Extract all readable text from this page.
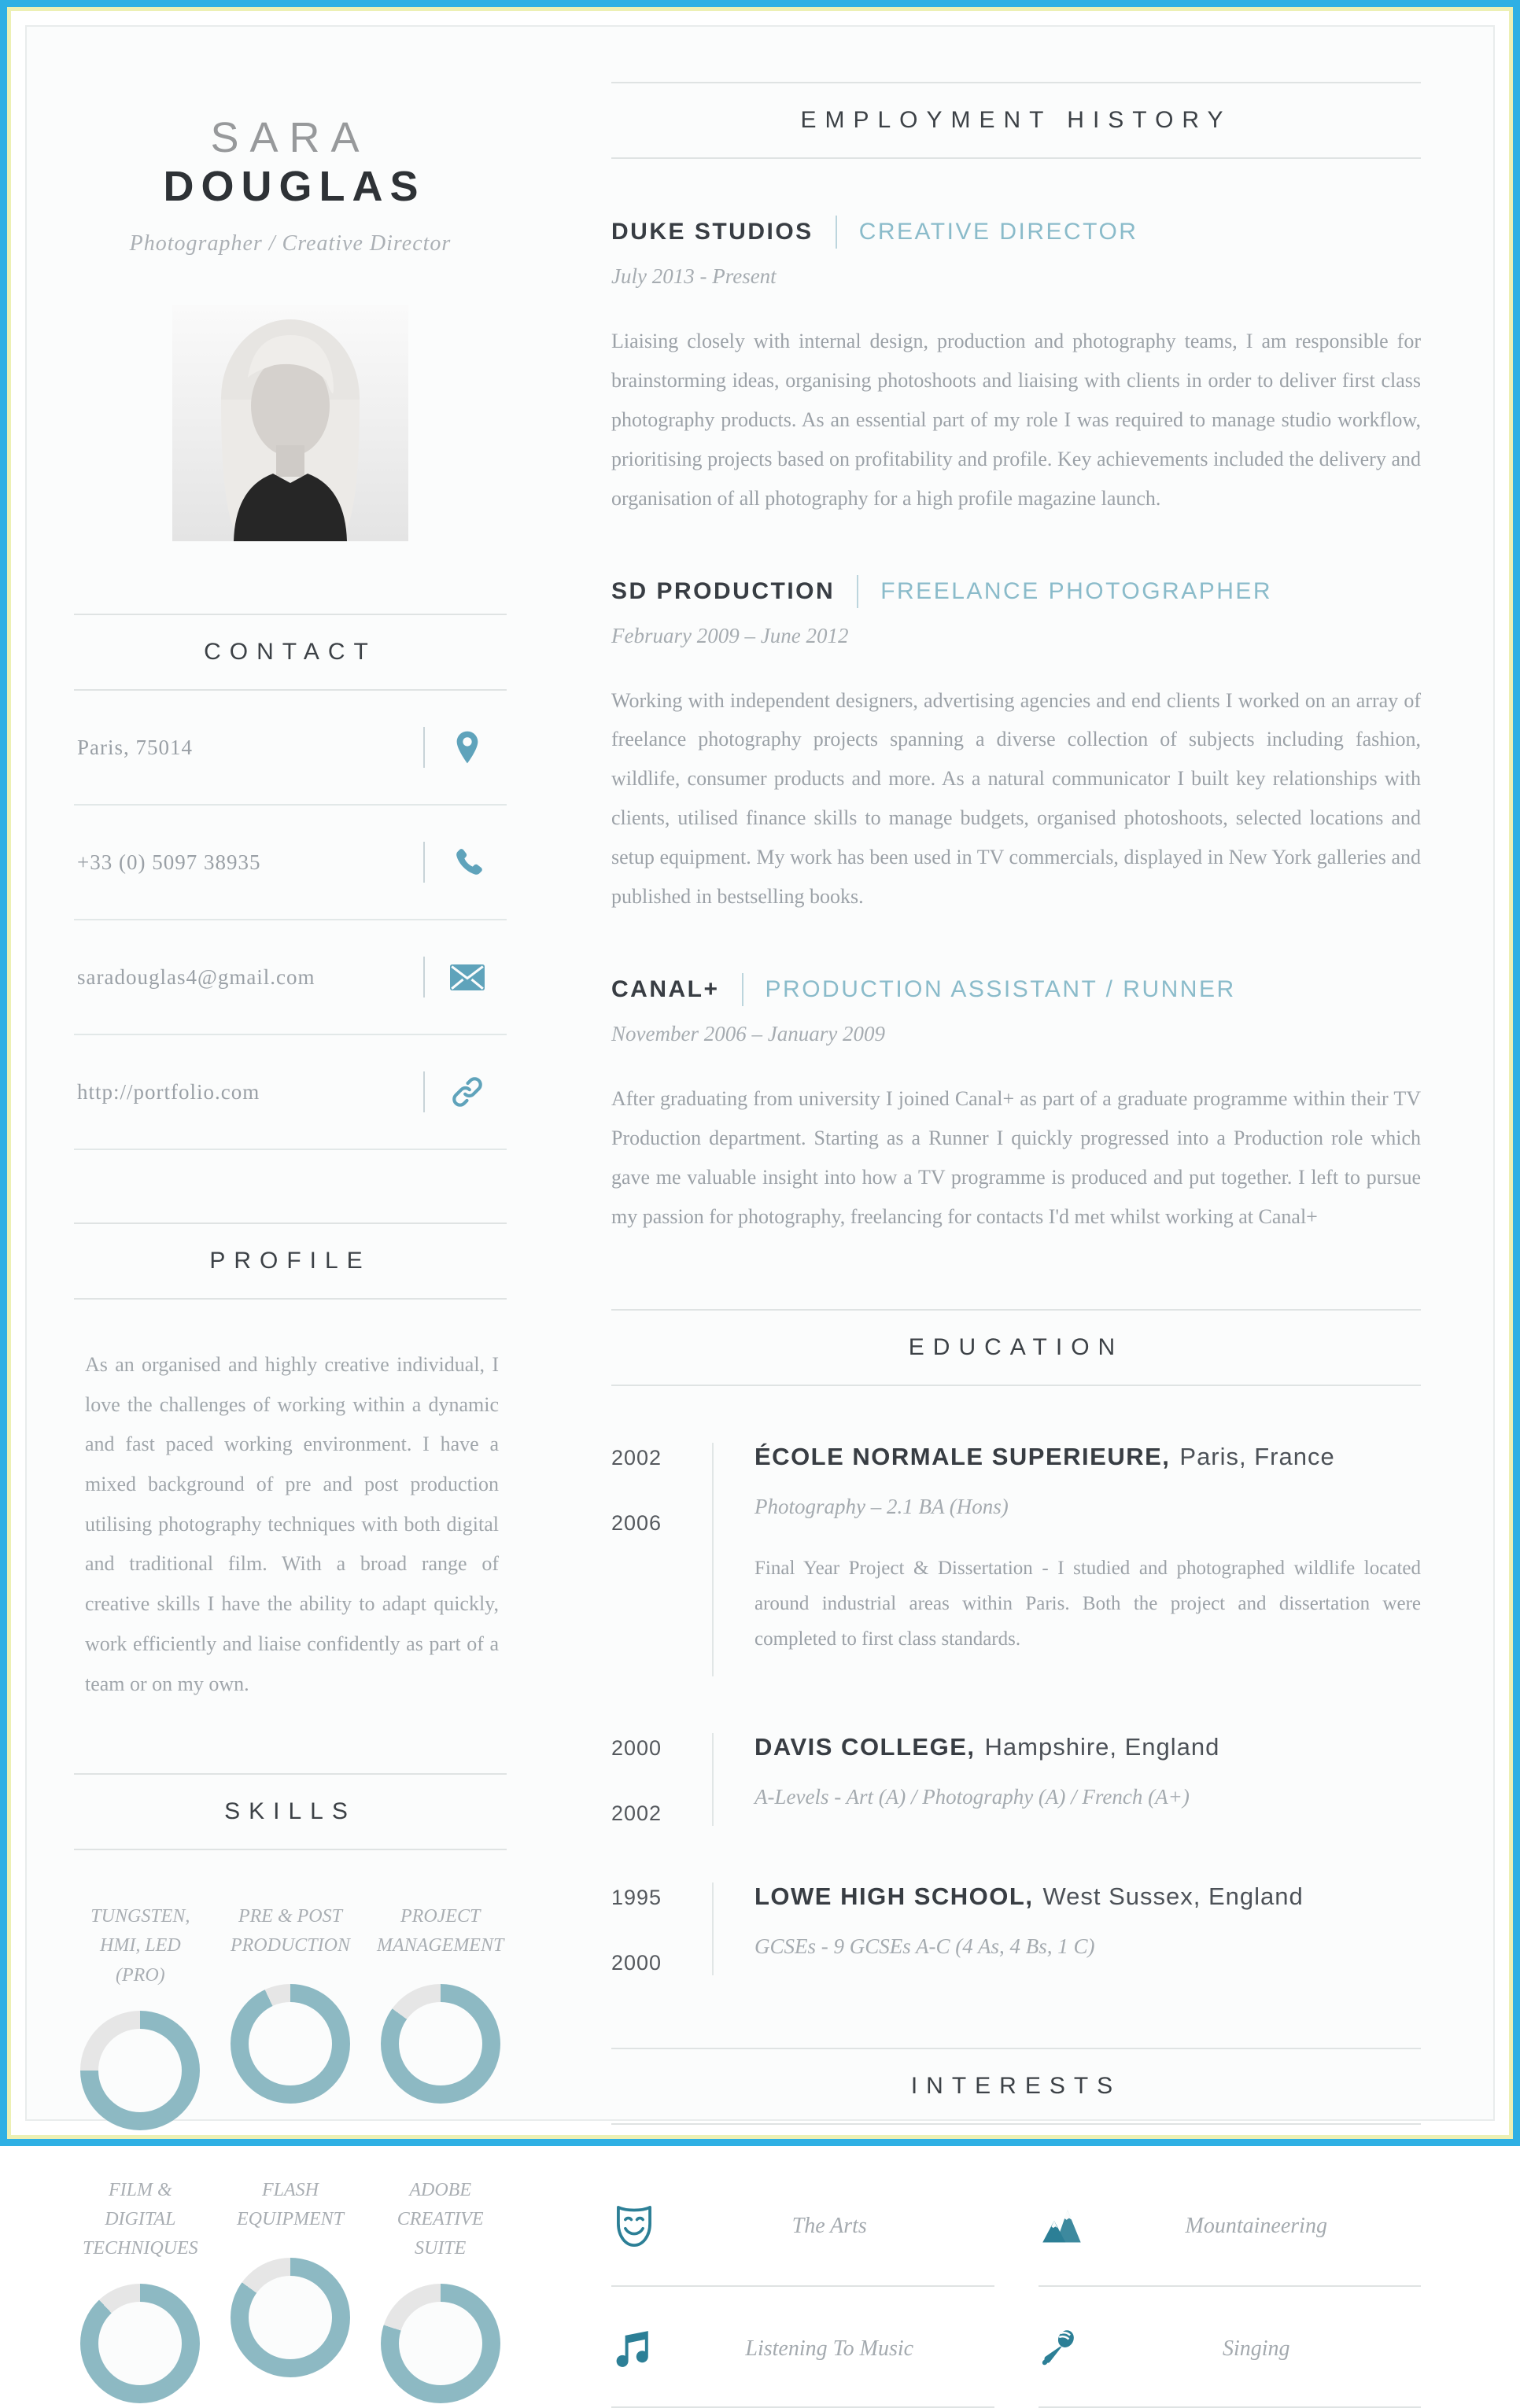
SARA DOUGLAS
Photographer / Creative Director
CONTACT
Paris, 75014
+33 (0) 5097 38935
saradouglas4@gmail.com
http://portfolio.com
PROFILE

As an organised and highly creative individual, I love the challenges of working within a dynamic and fast paced working environment. I have a mixed background of pre and post production utilising photography techniques with both digital and traditional film. With a broad range of creative skills I have the ability to adapt quickly, work efficiently and liaise confidently as part of a team or on my own.

SKILLS
TUNGSTEN, HMI, LED (PRO)
PRE & POST PRODUCTION
PROJECT MANAGEMENT
FILM & DIGITAL TECHNIQUES
FLASH EQUIPMENT
ADOBE CREATIVE SUITE
EMPLOYMENT HISTORY
DUKE STUDIOS CREATIVE DIRECTOR
July 2013 - Present

Liaising closely with internal design, production and photography teams, I am responsible for brainstorming ideas, organising photoshoots and liaising with clients in order to deliver first class photography products. As an essential part of my role I was required to manage studio workflow, prioritising projects based on profitability and profile. Key achievements included the delivery and organisation of all photography for a high profile magazine launch.

SD PRODUCTION FREELANCE PHOTOGRAPHER
February 2009 – June 2012

Working with independent designers, advertising agencies and end clients I worked on an array of freelance photography projects spanning a diverse collection of subjects including fashion, wildlife, consumer products and more. As a natural communicator I built key relationships with clients, utilised finance skills to manage budgets, organised photoshoots, selected locations and setup equipment. My work has been used in TV commercials, displayed in New York galleries and published in bestselling books.

CANAL+ PRODUCTION ASSISTANT / RUNNER
November 2006 – January 2009

After graduating from university I joined Canal+ as part of a graduate programme within their TV Production department. Starting as a Runner I quickly progressed into a Production role which gave me valuable insight into how a TV programme is produced and put together. I left to pursue my passion for photography, freelancing for contacts I'd met whilst working at Canal+

EDUCATION
2002
2006
ÉCOLE NORMALE SUPERIEURE, Paris, France
Photography – 2.1 BA (Hons)

Final Year Project & Dissertation - I studied and photographed wildlife located around industrial areas within Paris. Both the project and dissertation were completed to first class standards.

2000
2002
DAVIS COLLEGE, Hampshire, England
A-Levels - Art (A) / Photography (A) / French (A+)
1995
2000
LOWE HIGH SCHOOL, West Sussex, England
GCSEs - 9 GCSEs A-C (4 As, 4 Bs, 1 C)
INTERESTS
The Arts	Mountaineering
Listening To Music	Singing
